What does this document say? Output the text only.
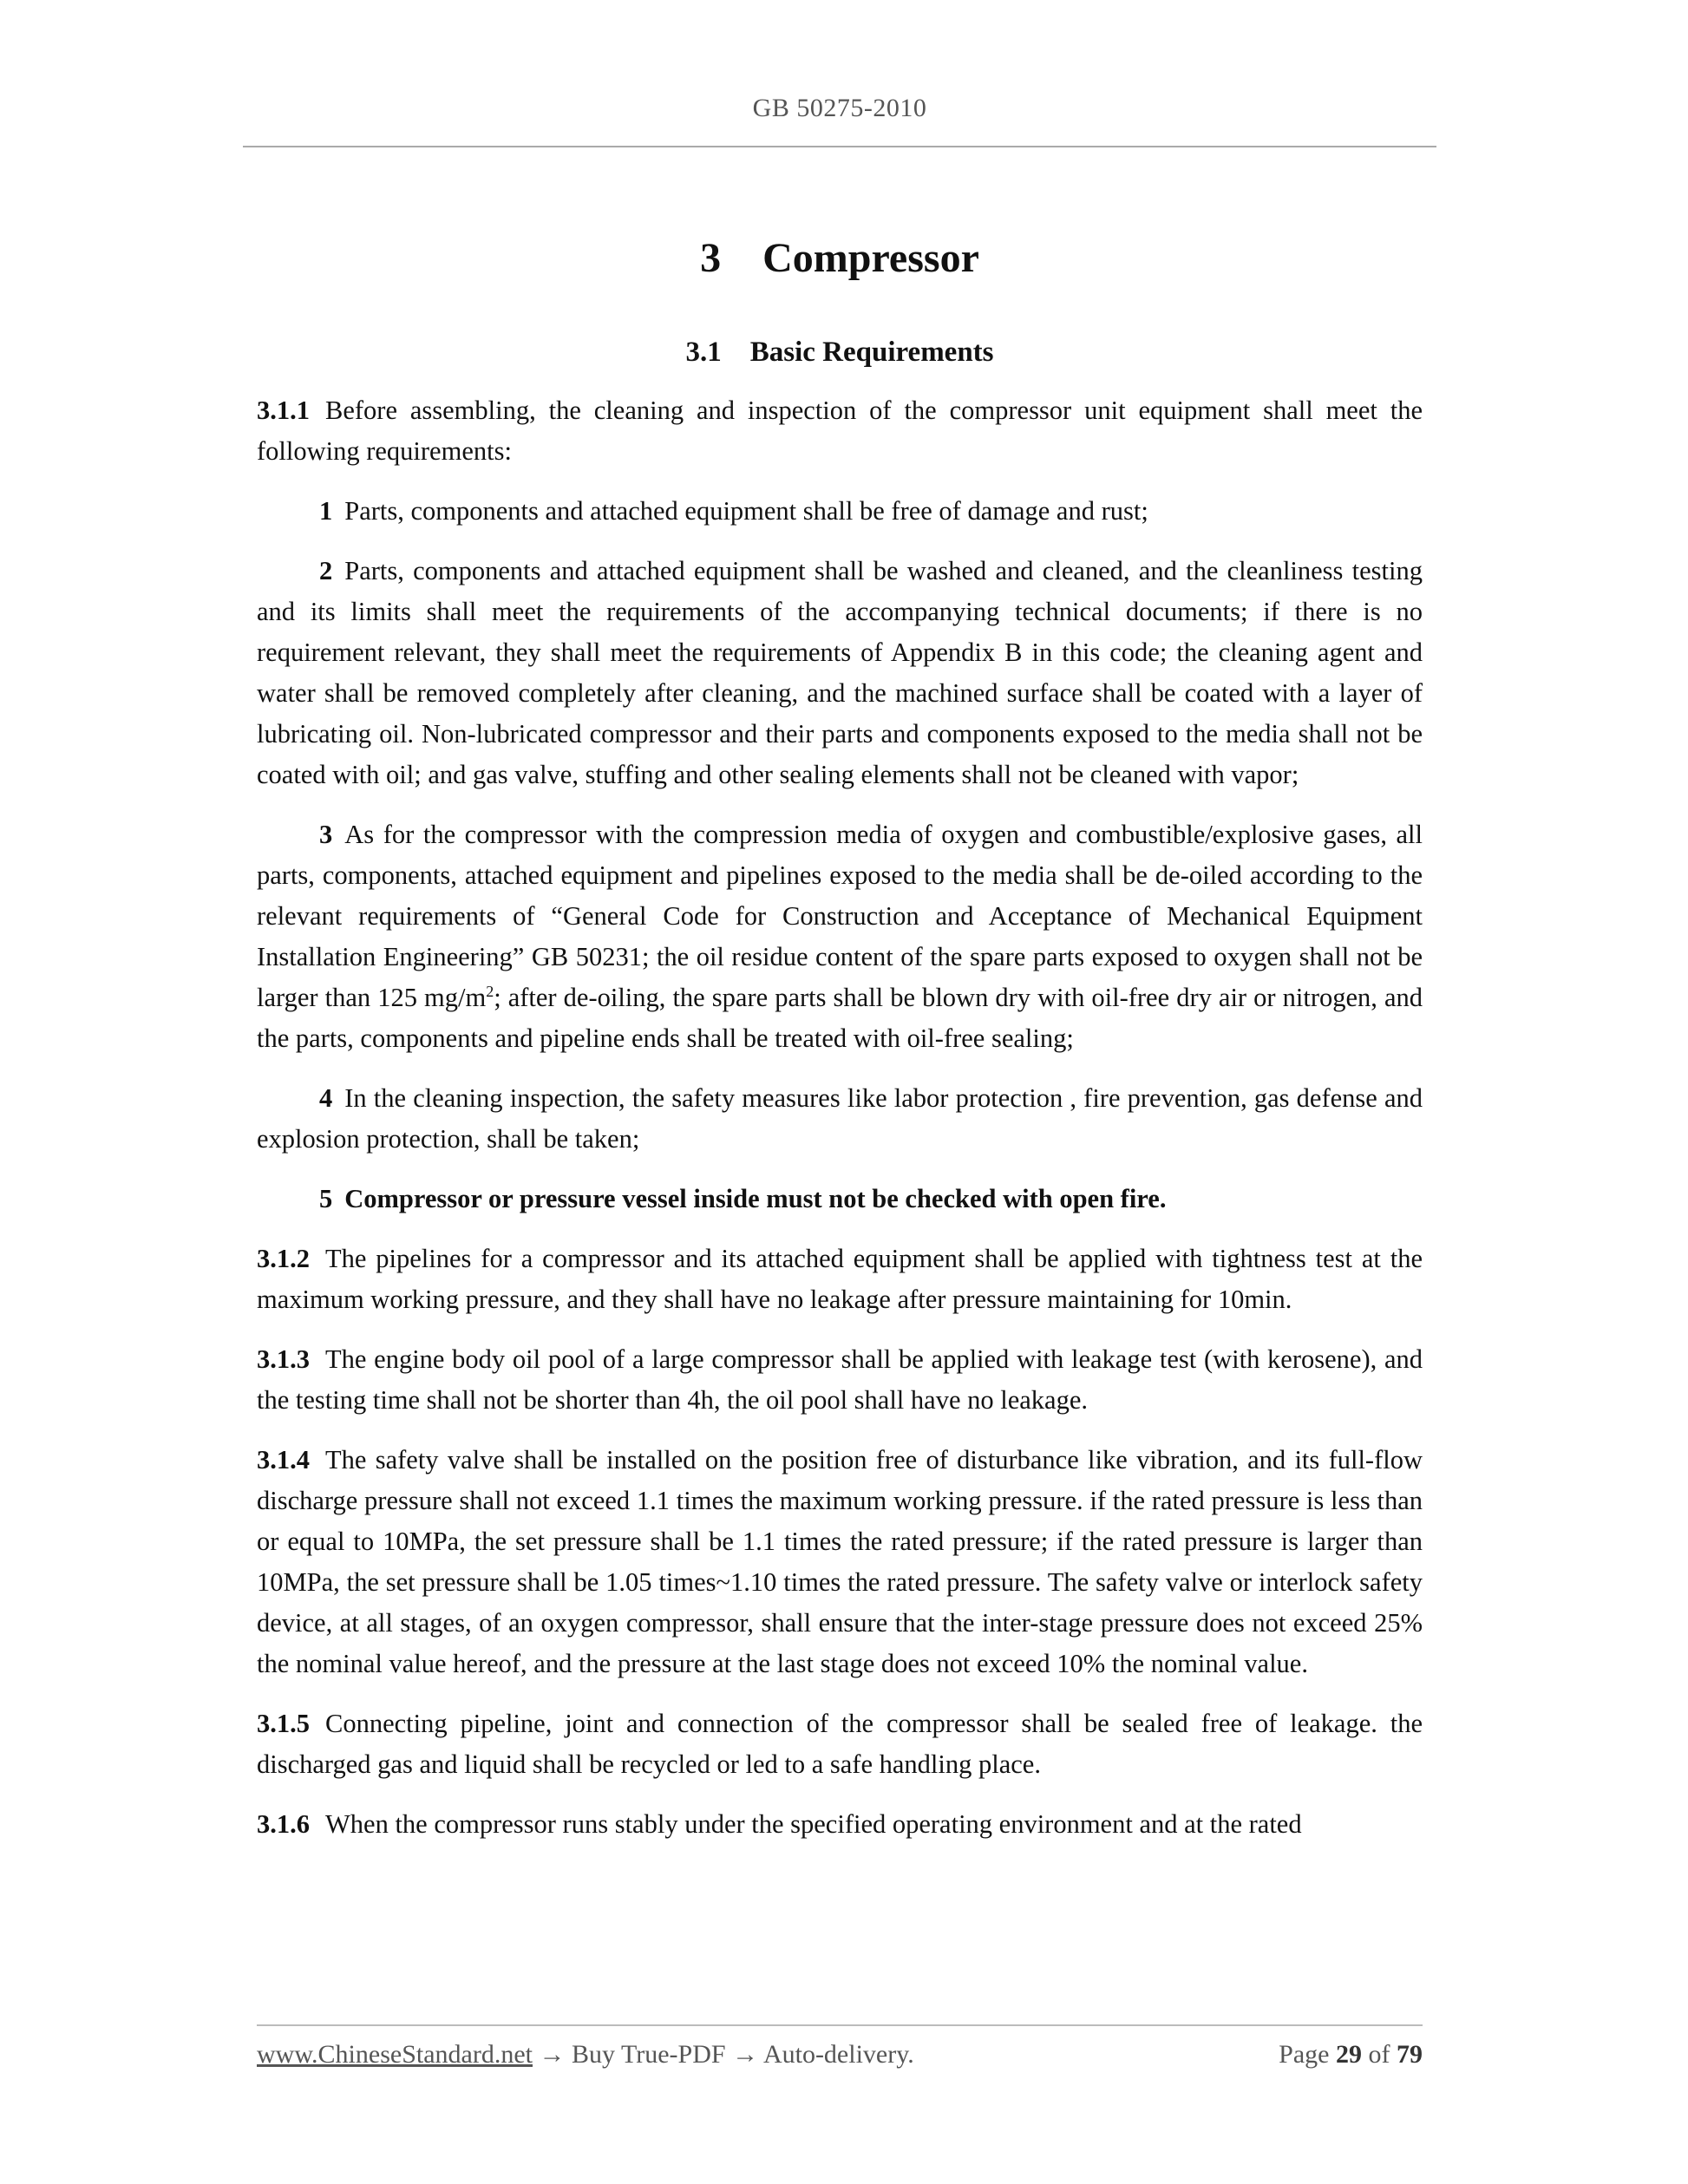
GB 50275-2010
3 Compressor
3.1 Basic Requirements

3.1.1 Before assembling, the cleaning and inspection of the compressor unit equipment shall meet the following requirements:

1 Parts, components and attached equipment shall be free of damage and rust;

2 Parts, components and attached equipment shall be washed and cleaned, and the cleanliness testing and its limits shall meet the requirements of the accompanying technical documents; if there is no requirement relevant, they shall meet the requirements of Appendix B in this code; the cleaning agent and water shall be removed completely after cleaning, and the machined surface shall be coated with a layer of lubricating oil. Non-lubricated compressor and their parts and components exposed to the media shall not be coated with oil; and gas valve, stuffing and other sealing elements shall not be cleaned with vapor;

3 As for the compressor with the compression media of oxygen and combustible/explosive gases, all parts, components, attached equipment and pipelines exposed to the media shall be de-oiled according to the relevant requirements of “General Code for Construction and Acceptance of Mechanical Equipment Installation Engineering” GB 50231; the oil residue content of the spare parts exposed to oxygen shall not be larger than 125 $mg/m^2$; after de-oiling, the spare parts shall be blown dry with oil-free dry air or nitrogen, and the parts, components and pipeline ends shall be treated with oil-free sealing;

4 In the cleaning inspection, the safety measures like labor protection , fire prevention, gas defense and explosion protection, shall be taken;

5 Compressor or pressure vessel inside must not be checked with open fire.

3.1.2 The pipelines for a compressor and its attached equipment shall be applied with tightness test at the maximum working pressure, and they shall have no leakage after pressure maintaining for 10min.

3.1.3 The engine body oil pool of a large compressor shall be applied with leakage test (with kerosene), and the testing time shall not be shorter than 4h, the oil pool shall have no leakage.

3.1.4 The safety valve shall be installed on the position free of disturbance like vibration, and its full-flow discharge pressure shall not exceed 1.1 times the maximum working pressure. if the rated pressure is less than or equal to 10MPa, the set pressure shall be 1.1 times the rated pressure; if the rated pressure is larger than 10MPa, the set pressure shall be 1.05 times~1.10 times the rated pressure. The safety valve or interlock safety device, at all stages, of an oxygen compressor, shall ensure that the inter-stage pressure does not exceed 25% the nominal value hereof, and the pressure at the last stage does not exceed 10% the nominal value.

3.1.5 Connecting pipeline, joint and connection of the compressor shall be sealed free of leakage. the discharged gas and liquid shall be recycled or led to a safe handling place.

3.1.6 When the compressor runs stably under the specified operating environment and at the rated

www.ChineseStandard.net → Buy True-PDF → Auto-delivery.	Page 29 of 79
